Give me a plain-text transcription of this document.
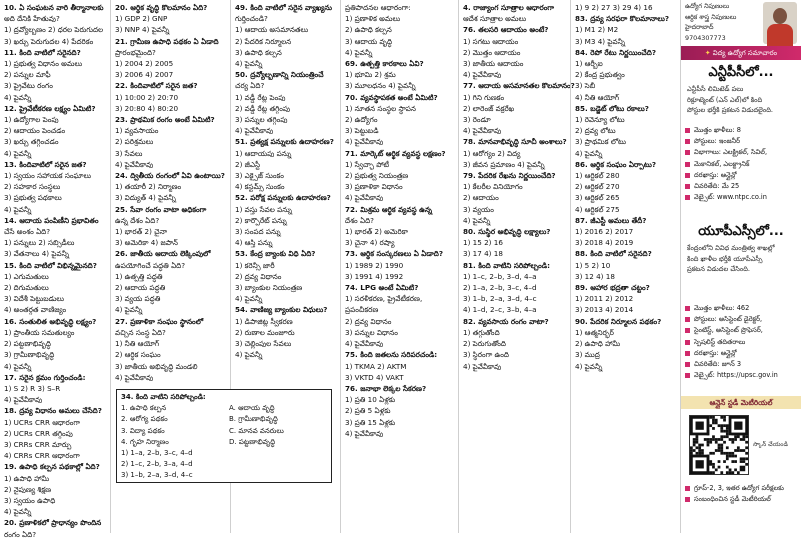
10. ఏ సంఘటన వారి తీర్మానాలకు
అది దేనికి హేతువు?
1) ద్రవ్యోల్బణం 2) ధరల పెరుగుదల
3) ఖర్చు పెరుగుదల 4) పేదరికం
11. కింది వాటిలో సరైనది?
1) ప్రభుత్వ విధానం అమలు
2) పన్నుల మాఫీ
3) ప్రైవేటు రంగం
4) పైవన్నీ
12. ప్రైవేటీకరణ లక్ష్యం ఏమిటి?
1) ఉద్యోగాల పెంపు
2) ఆదాయం పెంచడం
3) ఖర్చు తగ్గించడం
4) పైవన్నీ
13. కిందివాటిలో సరైన జత?
1) స్వయం సహాయక సంఘాలు
2) సహకార సంస్థలు
3) ప్రభుత్వ పథకాలు
4) పైవన్నీ
14. ఆదాయ పంపిణీని ప్రభావితం
చేసే అంశం ఏది?
1) పన్నులు 2) సబ్సిడీలు
3) వేతనాలు 4) పైవన్నీ
15. కింది వాటిలో విభిన్నమైనది?
1) ఎగుమతులు
2) దిగుమతులు
3) విదేశీ పెట్టుబడులు
4) అంతర్గత వాణిజ్యం
16. సంతులిత అభివృద్ధి లక్ష్యం?
1) ప్రాంతీయ సమతుల్యం
2) పట్టణాభివృద్ధి
3) గ్రామీణాభివృద్ధి
4) పైవన్నీ
17. సరైన క్రమం గుర్తించండి:
1) S 2) R 3) S–R
4) పైవేవీకావు
18. ద్రవ్య విధానం అమలు చేసేది?
1) UCRs CRR ఆధారంగా
2) UCRs CRR తగ్గింపు
3) CRRs CRR మార్పు
4) CRRs CRR ఆధారంగా
19. ఉపాధి కల్పన పథకాల్లో ఏది?
1) ఉపాధి హామీ
2) నైపుణ్య శిక్షణ
3) స్వయం ఉపాధి
4) పైవన్నీ
20. ప్రణాళికలో ప్రాధాన్యం పొందిన
రంగం ఏది?
20. ఆర్థిక వృద్ధి కొలమానం ఏది?
1) GDP 2) GNP
3) NNP 4) పైవన్నీ
21. గ్రామీణ ఉపాధి పథకం ఏ ఏడాది
ప్రారంభమైంది?
1) 2004 2) 2005
3) 2006 4) 2007
22. కిందివాటిలో సరైన జత?
1) 10:00 2) 20:70
3) 20:80 4) 80:20
23. ప్రాథమిక రంగం అంటే ఏమిటి?
1) వ్యవసాయం
2) పరిశ్రమలు
3) సేవలు
4) పైవేవీకావు
24. ద్వితీయ రంగంలో ఏవి ఉంటాయి?
1) తయారీ 2) నిర్మాణం
3) విద్యుత్ 4) పైవన్నీ
25. సేవా రంగం వాటా అధికంగా
ఉన్న దేశం ఏది?
1) భారత్ 2) చైనా
3) అమెరికా 4) జపాన్
26. జాతీయ ఆదాయ లెక్కింపులో
ఉపయోగించే పద్ధతి ఏది?
1) ఉత్పత్తి పద్ధతి
2) ఆదాయ పద్ధతి
3) వ్యయ పద్ధతి
4) పైవన్నీ
27. ప్రణాళికా సంఘం స్థానంలో
వచ్చిన సంస్థ ఏది?
1) నీతి ఆయోగ్
2) ఆర్థిక సంఘం
3) జాతీయ అభివృద్ధి మండలి
4) పైవేవీకావు
49. కింది వాటిలో సరైన వ్యాఖ్యను
గుర్తించండి?
1) ఆదాయ అసమానతలు
2) పేదరిక నిర్మూలన
3) ఉపాధి కల్పన
4) పైవన్నీ
50. ద్రవ్యోల్బణాన్ని నియంత్రించే
చర్య ఏది?
1) వడ్డీ రేట్ల పెంపు
2) వడ్డీ రేట్ల తగ్గింపు
3) పన్నుల తగ్గింపు
4) పైవేవీకావు
51. ప్రత్యక్ష పన్నులకు ఉదాహరణ?
1) ఆదాయపు పన్ను
2) జీఎస్టీ
3) ఎక్సైజ్ సుంకం
4) కస్టమ్స్ సుంకం
52. పరోక్ష పన్నులకు ఉదాహరణ?
1) వస్తు సేవల పన్ను
2) కార్పొరేట్ పన్ను
3) సంపద పన్ను
4) ఆస్తి పన్ను
53. కేంద్ర బ్యాంకు విధి ఏది?
1) కరెన్సీ జారీ
2) ద్రవ్య విధానం
3) బ్యాంకుల నియంత్రణ
4) పైవన్నీ
54. వాణిజ్య బ్యాంకుల విధులు?
1) డిపాజిట్ల స్వీకరణ
2) రుణాల మంజూరు
3) చెల్లింపుల సేవలు
4) పైవన్నీ
ప్రతిపాదనల ఆధారంగా:
1) ప్రణాళిక అమలు
2) ఉపాధి కల్పన
3) ఆదాయ వృద్ధి
4) పైవన్నీ
69. ఉత్పత్తి కారకాలు ఏవి?
1) భూమి 2) శ్రమ
3) మూలధనం 4) పైవన్నీ
70. వ్యవస్థాపకత అంటే ఏమిటి?
1) నూతన సంస్థల స్థాపన
2) ఉద్యోగం
3) పెట్టుబడి
4) పైవేవీకావు
71. మార్కెట్ ఆర్థిక వ్యవస్థ లక్షణం?
1) స్వేచ్ఛా పోటీ
2) ప్రభుత్వ నియంత్రణ
3) ప్రణాళికా విధానం
4) పైవేవీకావు
72. మిశ్రమ ఆర్థిక వ్యవస్థ ఉన్న
దేశం ఏది?
1) భారత్ 2) అమెరికా
3) చైనా 4) రష్యా
73. ఆర్థిక సంస్కరణలు ఏ ఏడాది?
1) 1989 2) 1990
3) 1991 4) 1992
74. LPG అంటే ఏమిటి?
1) సరళీకరణ, ప్రైవేటీకరణ,
ప్రపంచీకరణ
2) ద్రవ్య విధానం
3) పన్నుల విధానం
4) పైవేవీకావు
75. కింది జతలను సరిపరచండి:
1) TKMA 2) AKTM
3) VKTD 4) VAKT
76. జనాభా లెక్కల సేకరణ?
1) ప్రతి 10 ఏళ్లకు
2) ప్రతి 5 ఏళ్లకు
3) ప్రతి 15 ఏళ్లకు
4) పైవేవీకావు
4. రాజ్యాంగ సూత్రాల ఆధారంగా
ఆదేశ సూత్రాల అమలు
76. తలసరి ఆదాయం అంటే?
1) సగటు ఆదాయం
2) మొత్తం ఆదాయం
3) జాతీయ ఆదాయం
4) పైవేవీకావు
77. ఆదాయ అసమానతల కొలమానం?
1) గిని గుణకం
2) లారెంజ్ వక్రరేఖ
3) రెండూ
4) పైవేవీకావు
78. మానవాభివృద్ధి సూచీ అంశాలు?
1) ఆరోగ్యం 2) విద్య
3) జీవన ప్రమాణం 4) పైవన్నీ
79. పేదరిక రేఖను నిర్ణయించేది?
1) కేలరీల వినియోగం
2) ఆదాయం
3) వ్యయం
4) పైవన్నీ
80. సుస్థిర అభివృద్ధి లక్ష్యాలు?
1) 15 2) 16
3) 17 4) 18
81. కింది వాటిని సరిపోల్చండి:
1) 1–c, 2–b, 3–d, 4–a
2) 1–a, 2–b, 3–c, 4–d
3) 1–b, 2–a, 3–d, 4–c
4) 1–d, 2–c, 3–b, 4–a
82. వ్యవసాయ రంగం వాటా?
1) తగ్గుతోంది
2) పెరుగుతోంది
3) స్థిరంగా ఉంది
4) పైవేవీకావు
1) 9 2) 27 3) 29 4) 16
83. ద్రవ్య సరఫరా కొలమానాలు?
1) M1 2) M2
3) M3 4) పైవన్నీ
84. రెపో రేటు నిర్ణయించేది?
1) ఆర్బీఐ
2) కేంద్ర ప్రభుత్వం
3) సెబీ
4) నీతి ఆయోగ్
85. బడ్జెట్ లోటు రకాలు?
1) రెవెన్యూ లోటు
2) ద్రవ్య లోటు
3) ప్రాథమిక లోటు
4) పైవన్నీ
86. ఆర్థిక సంఘం ఏర్పాటు?
1) ఆర్టికల్ 280
2) ఆర్టికల్ 270
3) ఆర్టికల్ 265
4) ఆర్టికల్ 275
87. జీఎస్టీ అమలు తేదీ?
1) 2016 2) 2017
3) 2018 4) 2019
88. కింది వాటిలో సరైనది?
1) 5 2) 10
3) 12 4) 18
89. ఆహార భద్రతా చట్టం?
1) 2011 2) 2012
3) 2013 4) 2014
90. పేదరిక నిర్మూలన పథకం?
1) ఆత్మనిర్భర్
2) ఉపాధి హామీ
3) ముద్ర
4) పైవన్నీ
34. కింది వాటిని సరిపోల్చండి:
1. ఉపాధి కల్పన	A. ఆదాయ వృద్ధి
2. ఆరోగ్య పథకం	B. గ్రామీణాభివృద్ధి
3. విద్యా పథకం	C. మానవ వనరులు
4. గృహ నిర్మాణం	D. పట్టణాభివృద్ధి
1) 1–a, 2–b, 3–c, 4–d
2) 1–c, 2–b, 3–a, 4–d
3) 1–b, 2–a, 3–d, 4–c
ఉద్యోగ నిపుణులు
ఆర్థిక శాస్త్ర నిపుణులు
హైదరాబాద్
9704307773
✦ విద్య ఉద్యోగ సమాచారం
ఎన్టీపీసీలో...
ఎన్టీపీసీ లిమిటెడ్ పలు
రిక్రూట్మెంట్ (ఎన్ ఎల్)లో కింది
పోస్టుల భర్తీకి ప్రకటన విడుదలైంది.
మొత్తం ఖాళీలు: 8
పోస్టులు: ఇంజనీర్
విభాగాలు: ఎలక్ట్రికల్, సివిల్,
మెకానికల్, ఎలక్ట్రానిక్
దరఖాస్తు: ఆన్లైన్లో
చివరితేది: మే 25
వెబ్సైట్: www.ntpc.co.in
యూపీఎస్సీలో...
కేంద్రంలోని వివిధ మంత్రిత్వ శాఖల్లో
కింది ఖాళీల భర్తీకి యూపీఎస్సీ
ప్రకటన విడుదల చేసింది.
మొత్తం ఖాళీలు: 462
పోస్టులు: అసిస్టెంట్ డైరెక్టర్,
సైంటిస్ట్, అసిస్టెంట్ ప్రొఫెసర్,
స్పెషలిస్ట్ తదితరాలు
దరఖాస్తు: ఆన్లైన్లో
చివరితేది: జూన్ 3
వెబ్సైట్: https://upsc.gov.in
ఆన్లైన్ స్టడీ మెటీరియల్
స్కాన్ చేయండి
గ్రూప్-2, 3, ఇతర ఉద్యోగ పరీక్షలకు
సంబంధించిన స్టడీ మెటీరియల్
